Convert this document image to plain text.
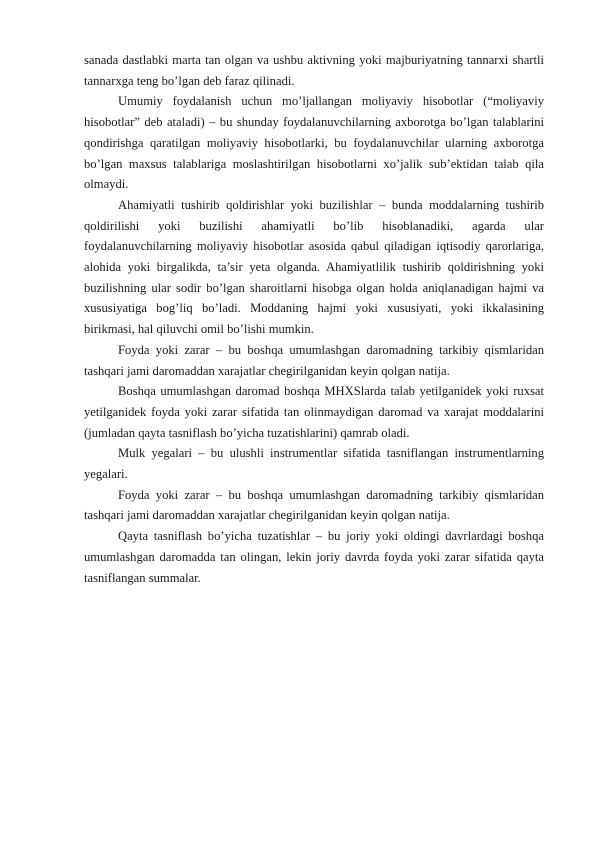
sanada dastlabki marta tan olgan va ushbu aktivning yoki majburiyatning tannarxi shartli tannarxga teng bo’lgan deb faraz qilinadi.

Umumiy foydalanish uchun mo’ljallangan moliyaviy hisobotlar (“moliyaviy hisobotlar” deb ataladi) – bu shunday foydalanuvchilarning axborotga bo’lgan talablarini qondirishga qaratilgan moliyaviy hisobotlarki, bu foydalanuvchilar ularning axborotga bo’lgan maxsus talablariga moslashtirilgan hisobotlarni xo’jalik sub’ektidan talab qila olmaydi.

Ahamiyatli tushirib qoldirishlar yoki buzilishlar – bunda moddalarning tushirib qoldirilishi yoki buzilishi ahamiyatli bo’lib hisoblanadiki, agarda ular foydalanuvchilarning moliyaviy hisobotlar asosida qabul qiladigan iqtisodiy qarorlariga, alohida yoki birgalikda, ta’sir yeta olganda. Ahamiyatlilik tushirib qoldirishning yoki buzilishning ular sodir bo’lgan sharoitlarni hisobga olgan holda aniqlanadigan hajmi va xususiyatiga bog’liq bo’ladi. Moddaning hajmi yoki xususiyati, yoki ikkalasining birikmasi, hal qiluvchi omil bo’lishi mumkin.

Foyda yoki zarar – bu boshqa umumlashgan daromadning tarkibiy qismlaridan tashqari jami daromaddan xarajatlar chegirilganidan keyin qolgan natija.

Boshqa umumlashgan daromad boshqa MHXSlarda talab yetilganidek yoki ruxsat yetilganidek foyda yoki zarar sifatida tan olinmaydigan daromad va xarajat moddalarini (jumladan qayta tasniflash bo’yicha tuzatishlarini) qamrab oladi.

Mulk yegalari – bu ulushli instrumentlar sifatida tasniflangan instrumentlarning yegalari.

Foyda yoki zarar – bu boshqa umumlashgan daromadning tarkibiy qismlaridan tashqari jami daromaddan xarajatlar chegirilganidan keyin qolgan natija.

Qayta tasniflash bo’yicha tuzatishlar – bu joriy yoki oldingi davrlardagi boshqa umumlashgan daromadda tan olingan, lekin joriy davrda foyda yoki zarar sifatida qayta tasniflangan summalar.
